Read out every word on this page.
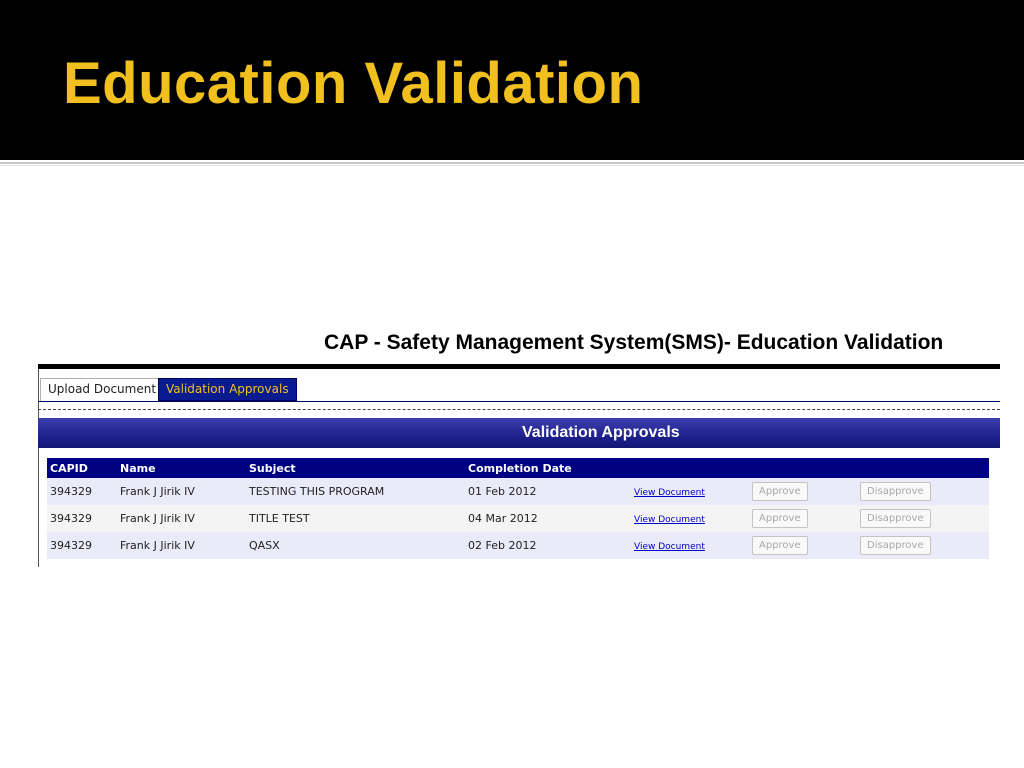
Education Validation
CAP - Safety Management System(SMS)- Education Validation
Upload Document Validation Approvals
Validation Approvals
CAPID	Name	Subject	Completion Date			
394329	Frank J Jirik IV	TESTING THIS PROGRAM	01 Feb 2012	View Document	Approve	Disapprove
394329	Frank J Jirik IV	TITLE TEST	04 Mar 2012	View Document	Approve	Disapprove
394329	Frank J Jirik IV	QASX	02 Feb 2012	View Document	Approve	Disapprove
